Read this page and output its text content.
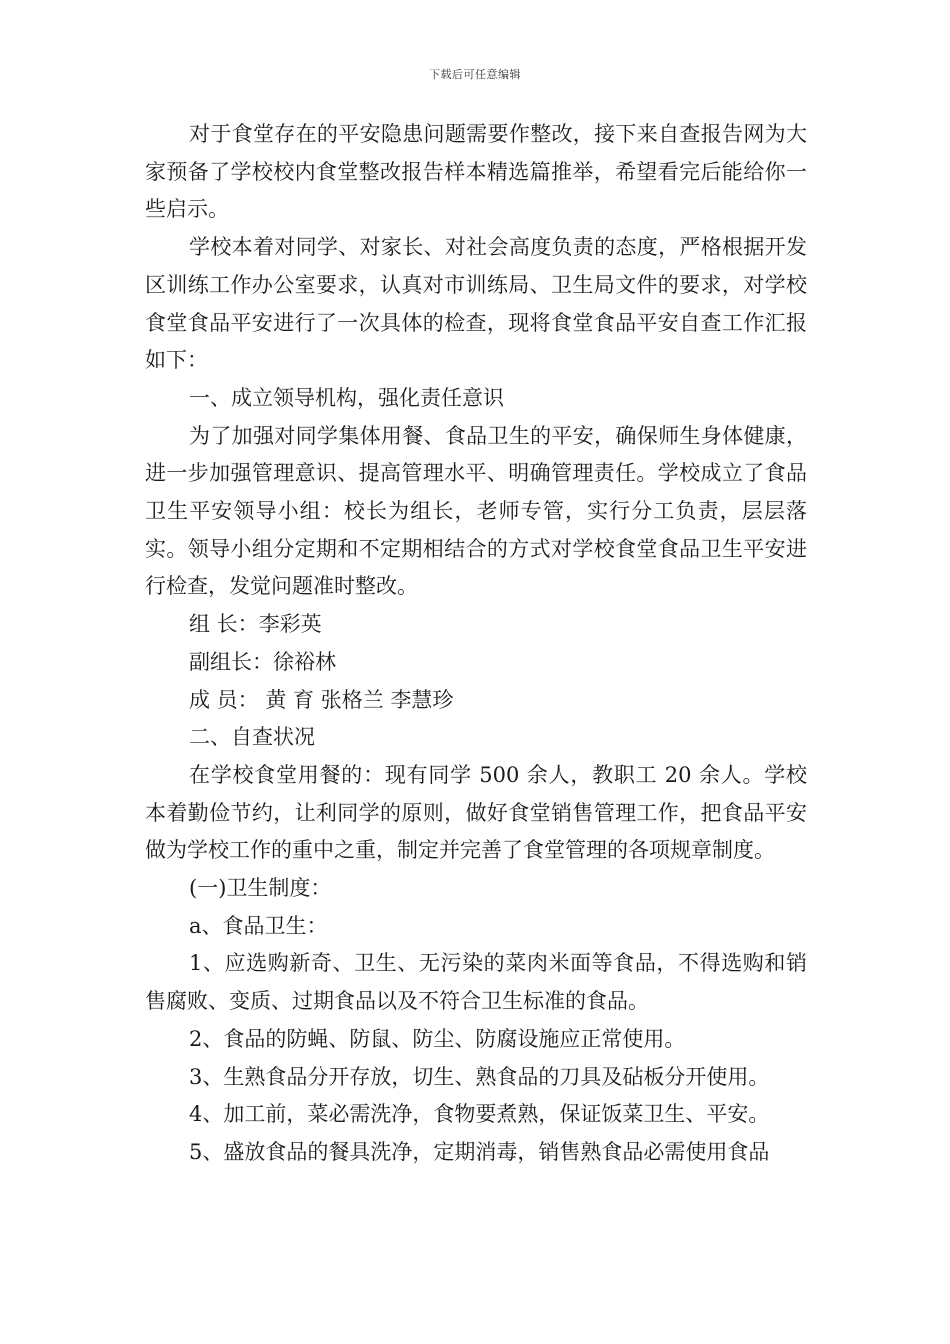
下载后可任意编辑

对于食堂存在的平安隐患问题需要作整改，接下来自查报告网为大家预备了学校校内食堂整改报告样本精选篇推举，希望看完后能给你一些启示。

学校本着对同学、对家长、对社会高度负责的态度，严格根据开发区训练工作办公室要求，认真对市训练局、卫生局文件的要求，对学校食堂食品平安进行了一次具体的检查，现将食堂食品平安自查工作汇报如下：

一、成立领导机构，强化责任意识

为了加强对同学集体用餐、食品卫生的平安，确保师生身体健康，进一步加强管理意识、提高管理水平、明确管理责任。学校成立了食品卫生平安领导小组：校长为组长，老师专管，实行分工负责，层层落实。领导小组分定期和不定期相结合的方式对学校食堂食品卫生平安进行检查，发觉问题准时整改。

组 长：李彩英

副组长：徐裕林

成 员： 黄 育 张格兰 李慧珍

二、自查状况

在学校食堂用餐的：现有同学 500 余人，教职工 20 余人。学校本着勤俭节约，让利同学的原则，做好食堂销售管理工作，把食品平安做为学校工作的重中之重，制定并完善了食堂管理的各项规章制度。

(一)卫生制度：

a、食品卫生：

1、应选购新奇、卫生、无污染的菜肉米面等食品，不得选购和销售腐败、变质、过期食品以及不符合卫生标准的食品。

2、食品的防蝇、防鼠、防尘、防腐设施应正常使用。

3、生熟食品分开存放，切生、熟食品的刀具及砧板分开使用。

4、加工前，菜必需洗净，食物要煮熟，保证饭菜卫生、平安。

5、盛放食品的餐具洗净，定期消毒，销售熟食品必需使用食品
